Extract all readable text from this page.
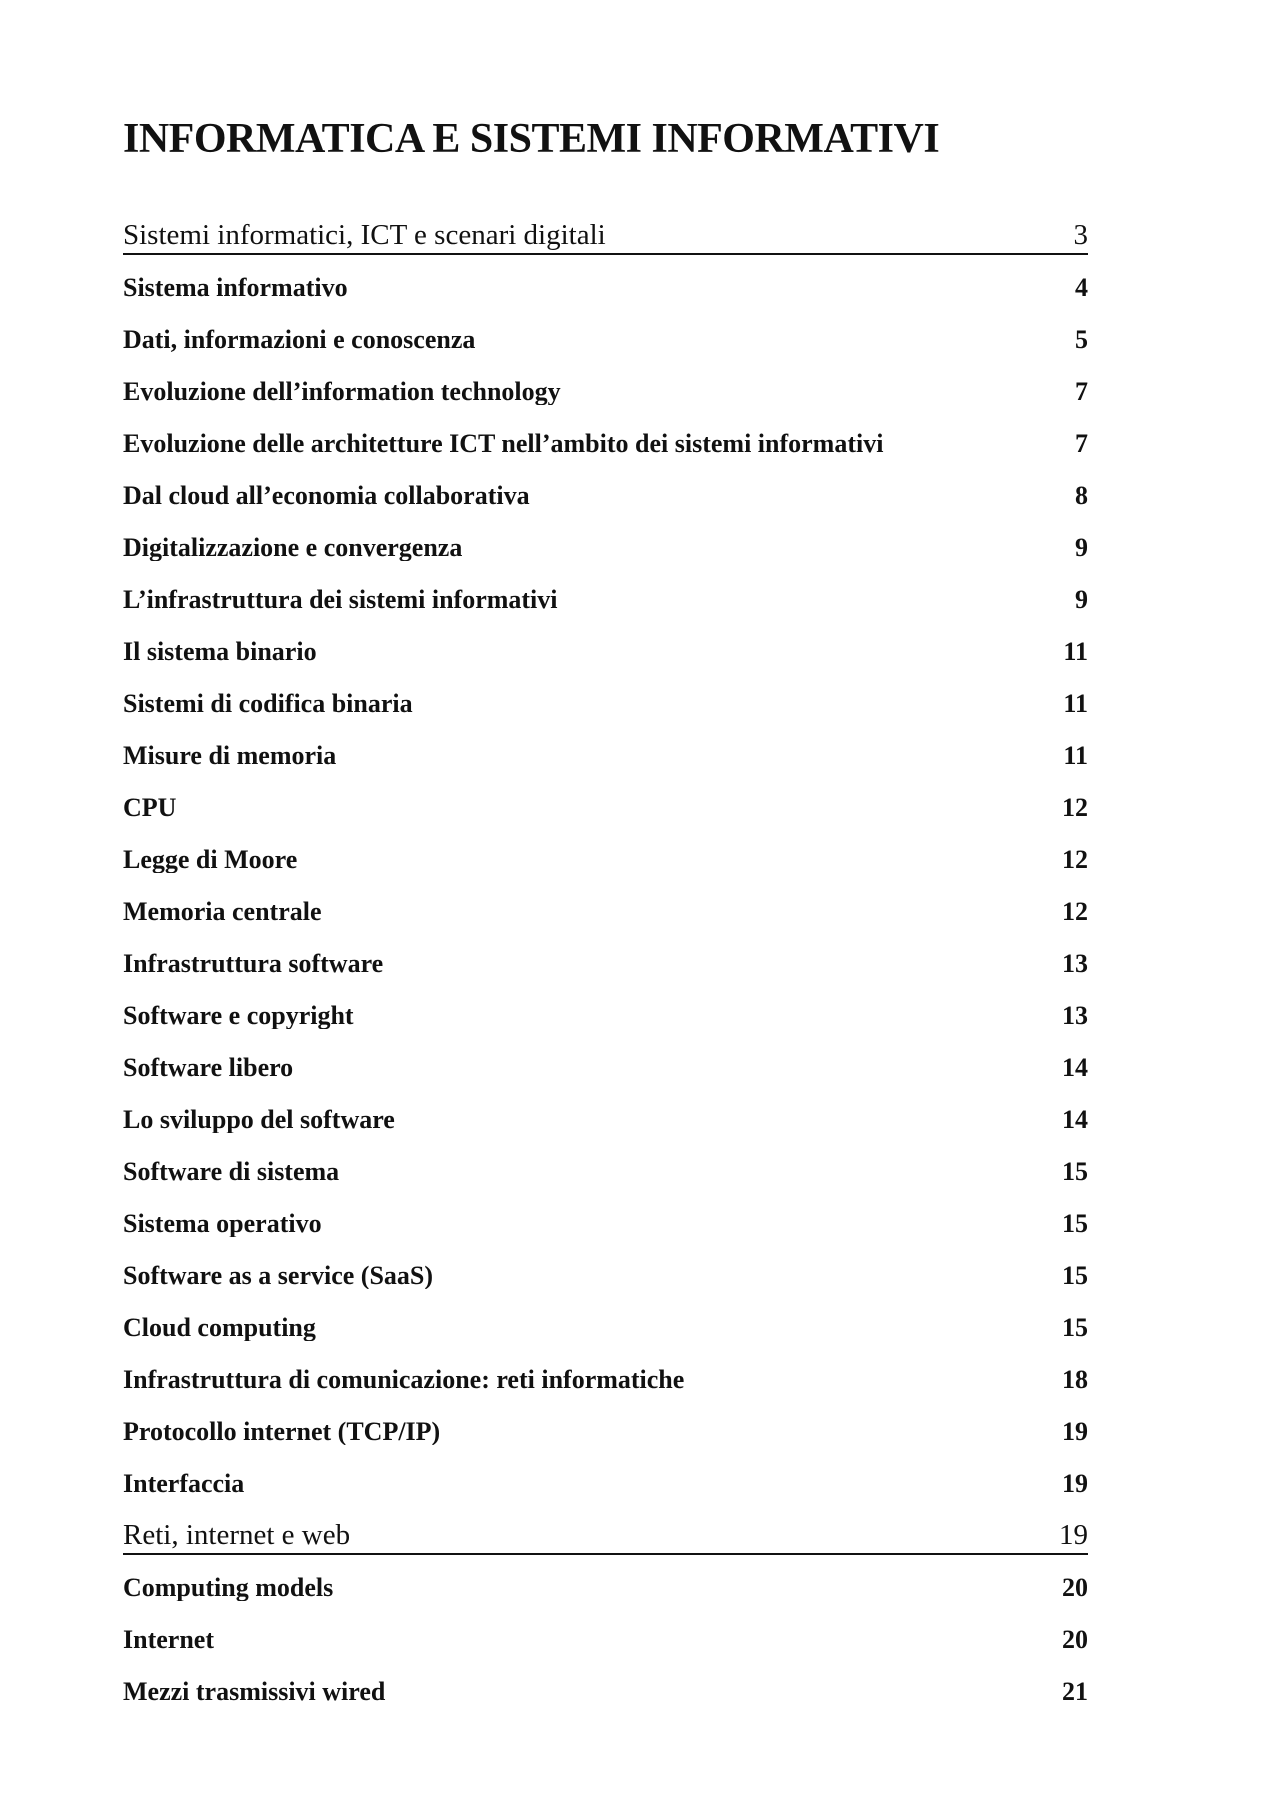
INFORMATICA E SISTEMI INFORMATIVI
Sistemi informatici, ICT e scenari digitali	3
Sistema informativo	4
Dati, informazioni e conoscenza	5
Evoluzione dell’information technology	7
Evoluzione delle architetture ICT nell’ambito dei sistemi informativi	7
Dal cloud all’economia collaborativa	8
Digitalizzazione e convergenza	9
L’infrastruttura dei sistemi informativi	9
Il sistema binario	11
Sistemi di codifica binaria	11
Misure di memoria	11
CPU	12
Legge di Moore	12
Memoria centrale	12
Infrastruttura software	13
Software e copyright	13
Software libero	14
Lo sviluppo del software	14
Software di sistema	15
Sistema operativo	15
Software as a service (SaaS)	15
Cloud computing	15
Infrastruttura di comunicazione: reti informatiche	18
Protocollo internet (TCP/IP)	19
Interfaccia	19
Reti, internet e web	19
Computing models	20
Internet	20
Mezzi trasmissivi wired	21
